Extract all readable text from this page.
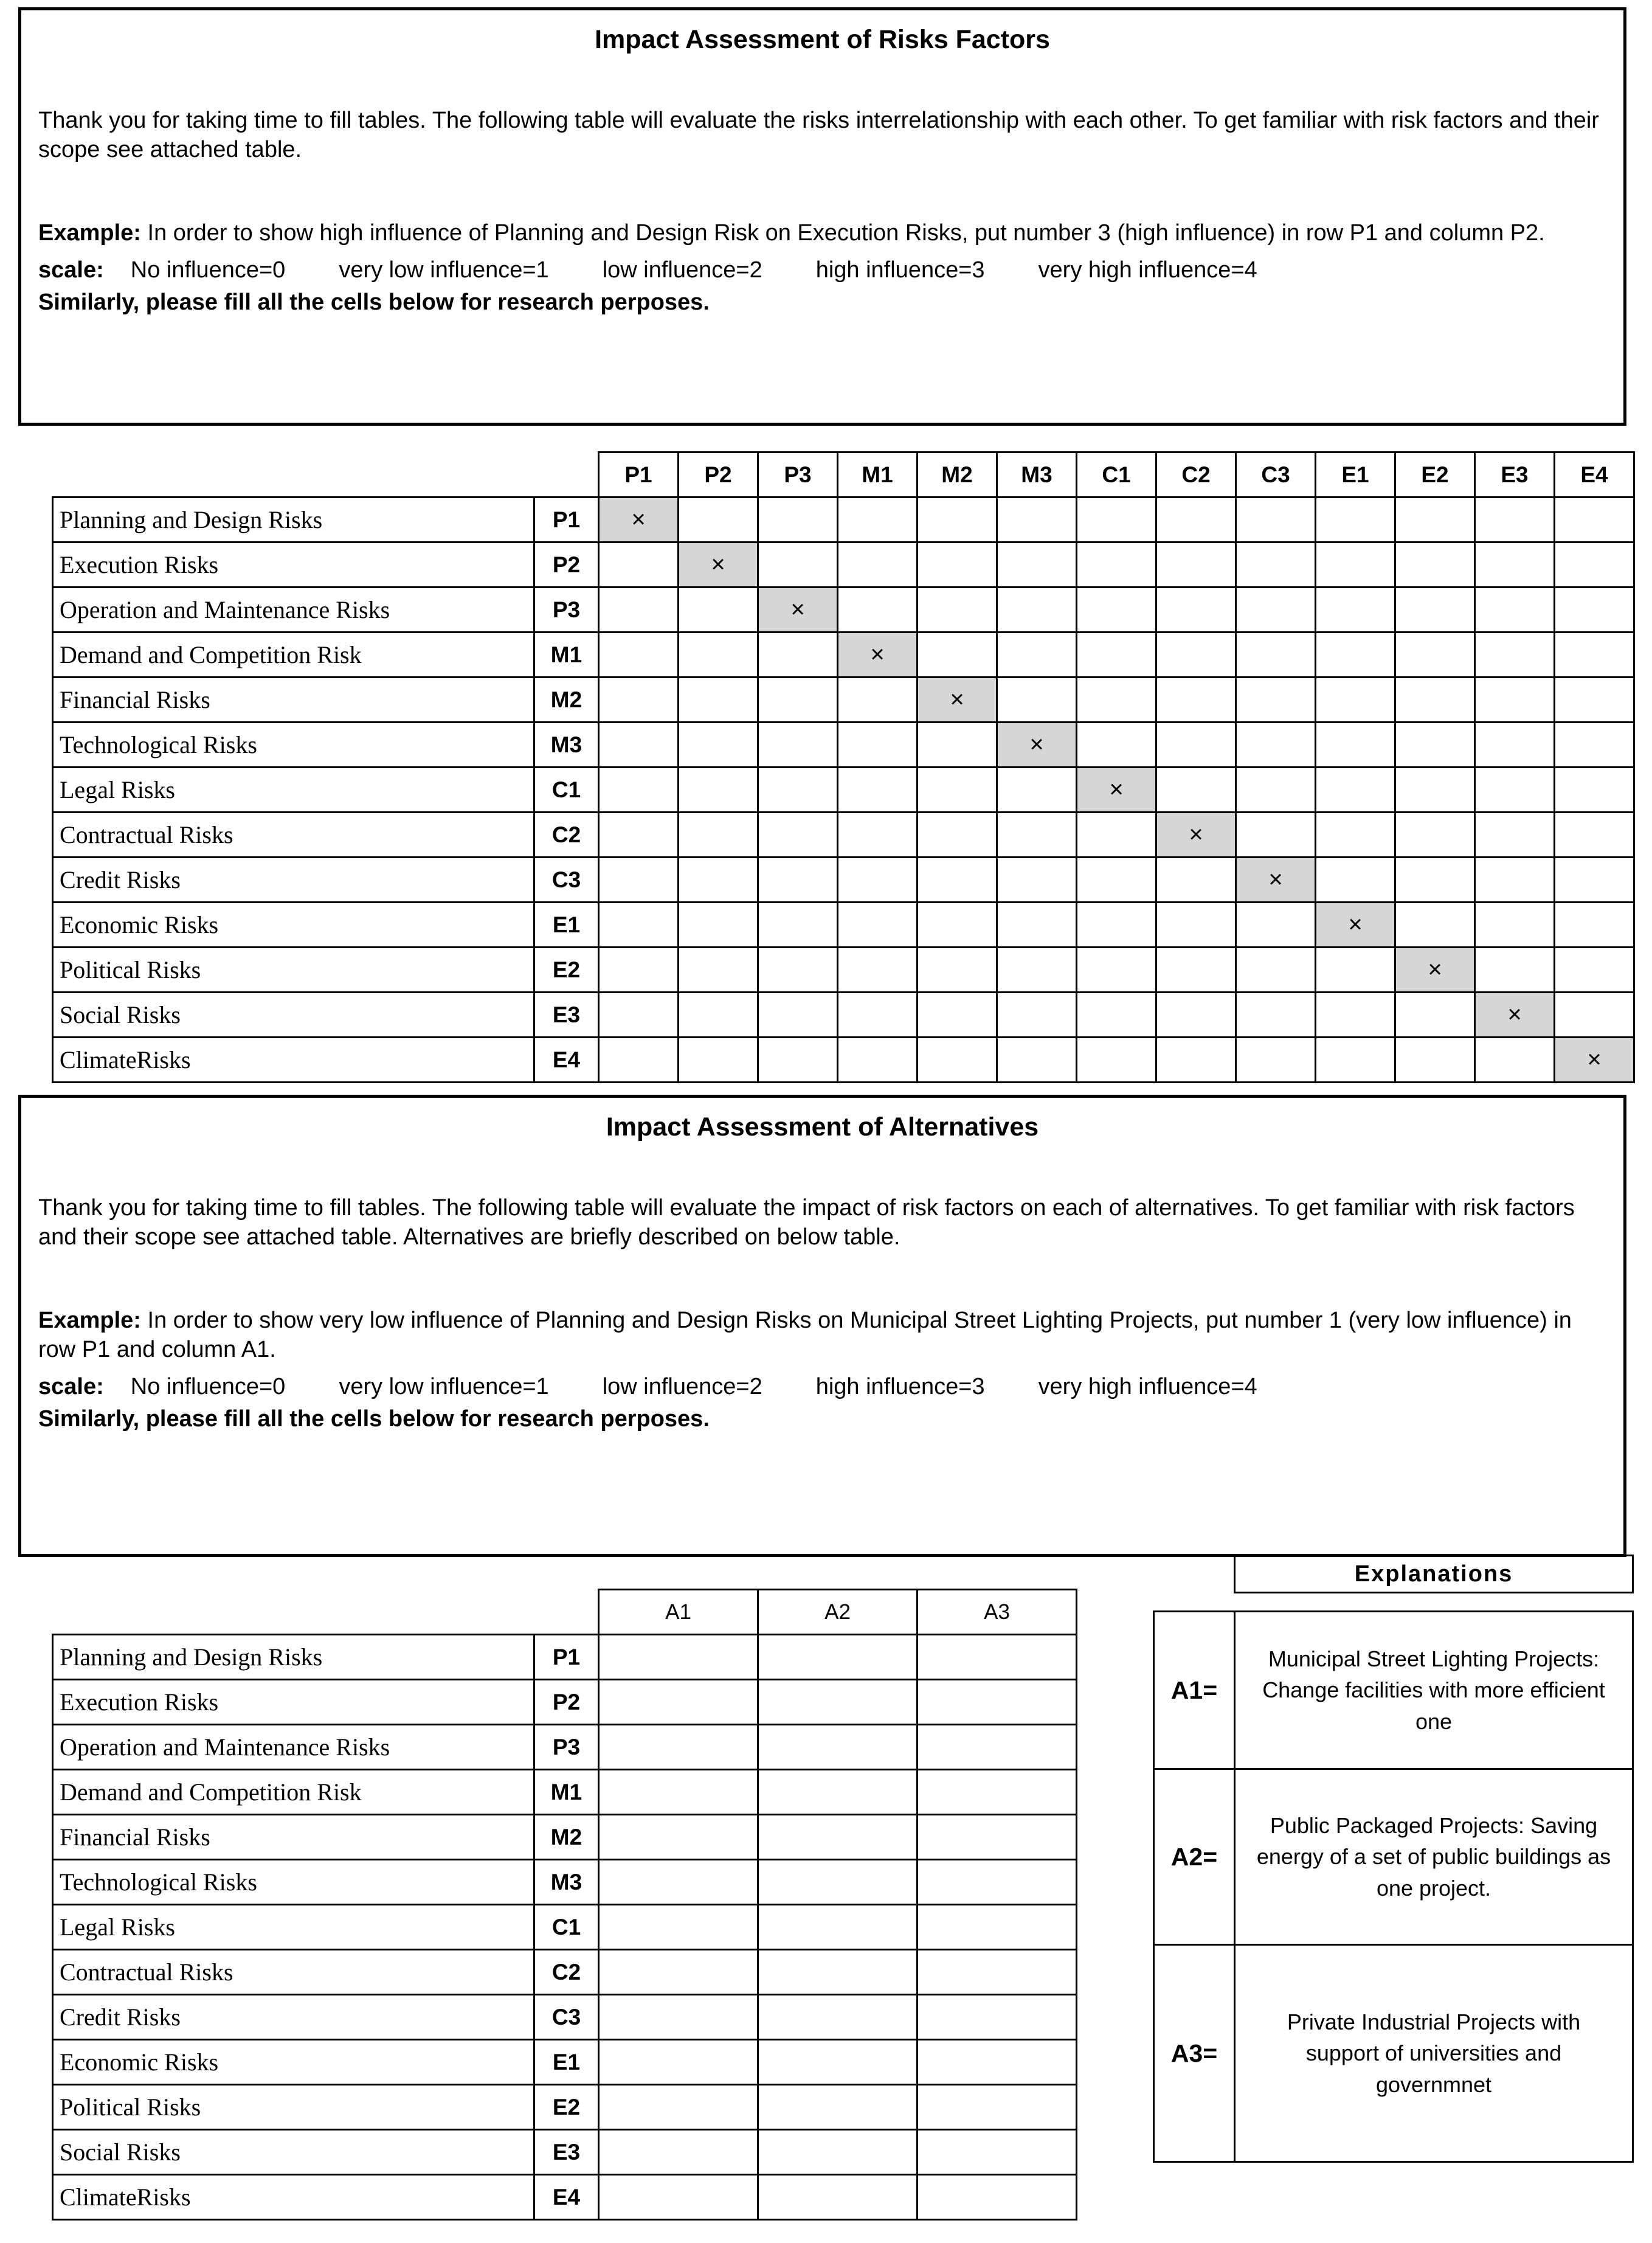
Impact Assessment of Risks Factors

Thank you for taking time to fill tables. The following table will evaluate the risks interrelationship with each other. To get familiar with risk factors and their scope see attached table.

Example: In order to show high influence of Planning and Design Risk on Execution Risks, put number 3 (high influence) in row P1 and column P2.

scale: No influence=0 very low influence=1 low influence=2 high influence=3 very high influence=4

Similarly, please fill all the cells below for research perposes.

		P1	P2	P3	M1	M2	M3	C1	C2	C3	E1	E2	E3	E4
Planning and Design Risks	P1	×												
Execution Risks	P2		×											
Operation and Maintenance Risks	P3			×										
Demand and Competition Risk	M1				×									
Financial Risks	M2					×								
Technological Risks	M3						×							
Legal Risks	C1							×						
Contractual Risks	C2								×					
Credit Risks	C3									×				
Economic Risks	E1										×			
Political Risks	E2											×		
Social Risks	E3												×	
ClimateRisks	E4													×
Impact Assessment of Alternatives

Thank you for taking time to fill tables. The following table will evaluate the impact of risk factors on each of alternatives. To get familiar with risk factors and their scope see attached table. Alternatives are briefly described on below table.

Example: In order to show very low influence of Planning and Design Risks on Municipal Street Lighting Projects, put number 1 (very low influence) in row P1 and column A1.

scale: No influence=0 very low influence=1 low influence=2 high influence=3 very high influence=4

Similarly, please fill all the cells below for research perposes.

		A1	A2	A3
Planning and Design Risks	P1			
Execution Risks	P2			
Operation and Maintenance Risks	P3			
Demand and Competition Risk	M1			
Financial Risks	M2			
Technological Risks	M3			
Legal Risks	C1			
Contractual Risks	C2			
Credit Risks	C3			
Economic Risks	E1			
Political Risks	E2			
Social Risks	E3			
ClimateRisks	E4			
Explanations
A1=
Municipal Street Lighting Projects: Change facilities with more efficient one
A2=
Public Packaged Projects: Saving energy of a set of public buildings as one project.
A3=
Private Industrial Projects with support of universities and governmnet
